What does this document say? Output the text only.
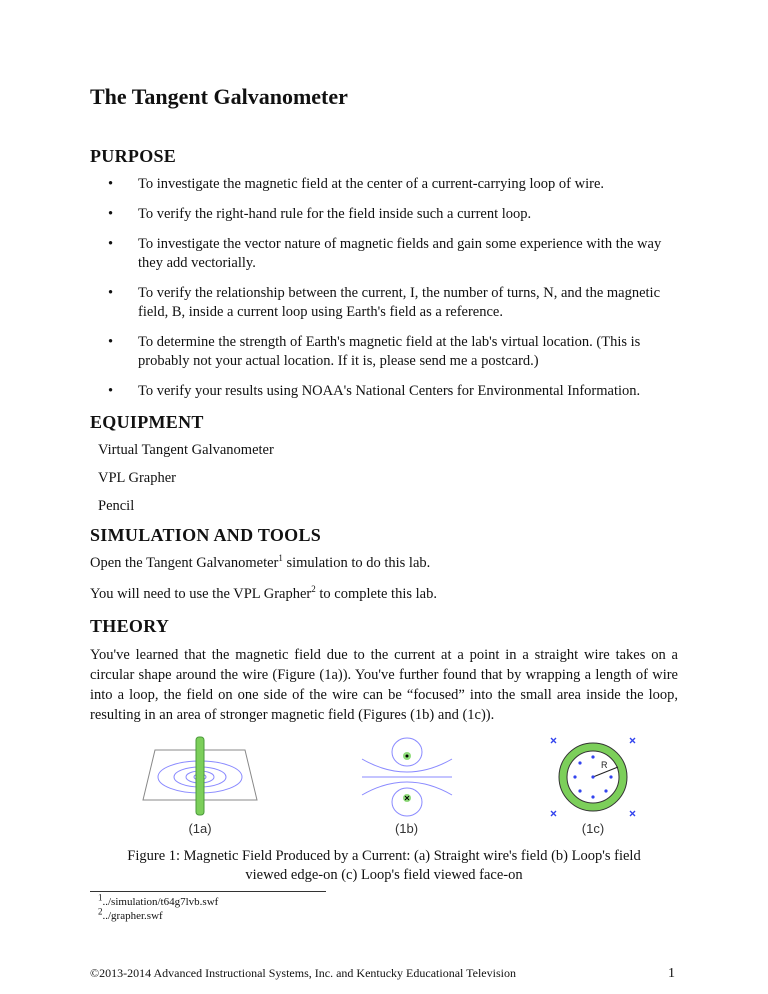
The Tangent Galvanometer
PURPOSE
• To investigate the magnetic field at the center of a current-carrying loop of wire.
• To verify the right-hand rule for the field inside such a current loop.
• To investigate the vector nature of magnetic fields and gain some experience with the way they add vectorially.
• To verify the relationship between the current, I, the number of turns, N, and the magnetic field, B, inside a current loop using Earth's field as a reference.
• To determine the strength of Earth's magnetic field at the lab's virtual location. (This is probably not your actual location. If it is, please send me a postcard.)
• To verify your results using NOAA's National Centers for Environmental Information.
EQUIPMENT
Virtual Tangent Galvanometer
VPL Grapher
Pencil
SIMULATION AND TOOLS
Open the Tangent Galvanometer$^1$ simulation to do this lab.
You will need to use the VPL Grapher$^2$ to complete this lab.
THEORY
You've learned that the magnetic field due to the current at a point in a straight wire takes on a circular shape around the wire (Figure (1a)). You've further found that by wrapping a length of wire into a loop, the field on one side of the wire can be “focused” into the small area inside the loop, resulting in an area of stronger magnetic field (Figures (1b) and (1c)).
(1a)	(1b)
R
(1c)
Figure 1: Magnetic Field Produced by a Current: (a) Straight wire's field (b) Loop's field viewed edge-on (c) Loop's field viewed face-on
$^1$../simulation/t64g7lvb.swf
$^2$../grapher.swf
©2013-2014 Advanced Instructional Systems, Inc. and Kentucky Educational Television	1
